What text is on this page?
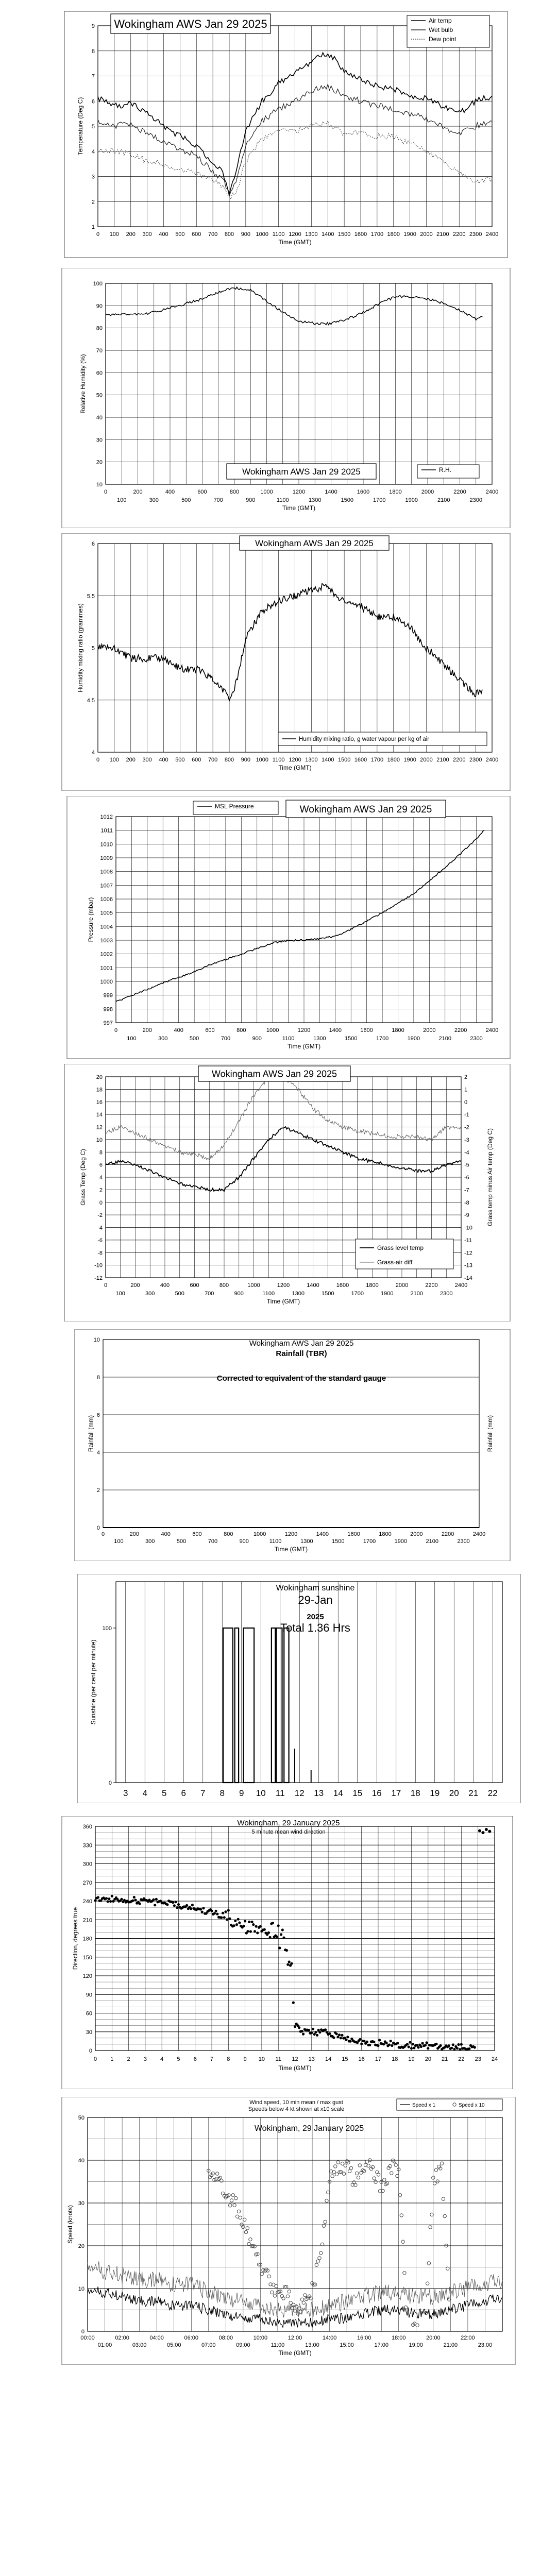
1
2
3
4
5
6
7
8
9
0 100 200 300 400 500 600 700 800 900 1000 1100 1200 1300 1400 1500 1600 1700 1800 1900 2000 2100 2200 2300 2400
Time (GMT)
Temperature (Deg C)
Wokingham AWS Jan 29 2025	Air temp
Wet bulb
Dew point
10
20
30
40
50
60
70
80
90
100
0	200	400	600	800	1000	1200	1400	1600	1800	2000	2200	2400
100	300	500	700	900	1100	1300	1500	1700	1900	2100	2300
Time (GMT)
Relative Humidity (%)
Wokingham AWS Jan 29 2025	R.H.
4
4.5
5
5.5
6
0 100 200 300 400 500 600 700 800 900 1000 1100 1200 1300 1400 1500 1600 1700 1800 1900 2000 2100 2200 2300 2400
Time (GMT)
Humidity mixing ratio (grammes)
Wokingham AWS Jan 29 2025
Humidity mixing ratio, g water vapour per kg of air
997
998
999
1000
1001
1002
1003
1004
1005
1006
1007
1008
1009
1010
1011
1012
0	200	400	600	800	1000	1200	1400	1600	1800	2000	2200	2400
100	300	500	700	900	1100	1300	1500	1700	1900	2100	2300
Time (GMT)
Pressure (mbar)
MSL Pressure	Wokingham AWS Jan 29 2025
-12
-10
-8
-6
-4
-2
0
2
4
6
8
10
12
14
16
18
20
-14
-13
-12
-11
-10
-9
-8
-7
-6
-5
-4
-3
-2
-1
0
1
2
0	200	400	600	800	1000	1200	1400	1600	1800	2000	2200	2400
100	300	500	700	900	1100	1300	1500	1700	1900	2100	2300
Time (GMT)
Grass Temp (Deg C)	Grass temp minus Air temp (Deg C)
Wokingham AWS Jan 29 2025
Grass level temp
Grass-air diff
0
2
4
6
8
10
0	200	400	600	800	1000	1200	1400	1600	1800	2000	2200	2400
100	300	500	700	900	1100	1300	1500	1700	1900	2100	2300
Time (GMT)
Rainfall (mm)	Rainfall (mm)
Wokingham AWS Jan 29 2025
Rainfall (TBR)
Corrected to equivalent of the standard gauge
3 4 5 6 7 8 9 10 11 12 13 14 15 16 17 18 19 20 21 22
0
100
Sunshine (per cent per minute)
Wokingham sunshine
29-Jan
2025
Total 1.36 Hrs
0
30
60
90
120
150
180
210
240
270
300
330
360
0 1 2 3 4 5 6 7 8 9 10 11 12 13 14 15 16 17 18 19 20 21 22 23 24
Time (GMT)
Direction, degrees true
Wokingham, 29 January 2025
5 minute mean wind direction
0
10
20
30
40
50
00:00	02:00	04:00	06:00	08:00	10:00	12:00	14:00	16:00	18:00	20:00	22:00
01:00	03:00	05:00	07:00	09:00	11:00	13:00	15:00	17:00	19:00	21:00	23:00
Time (GMT)
Speed (knots)
Wind speed, 10 min mean / max gust
Speeds below 4 kt shown at x10 scale
Wokingham, 29 January 2025
Speed x 1	Speed x 10
